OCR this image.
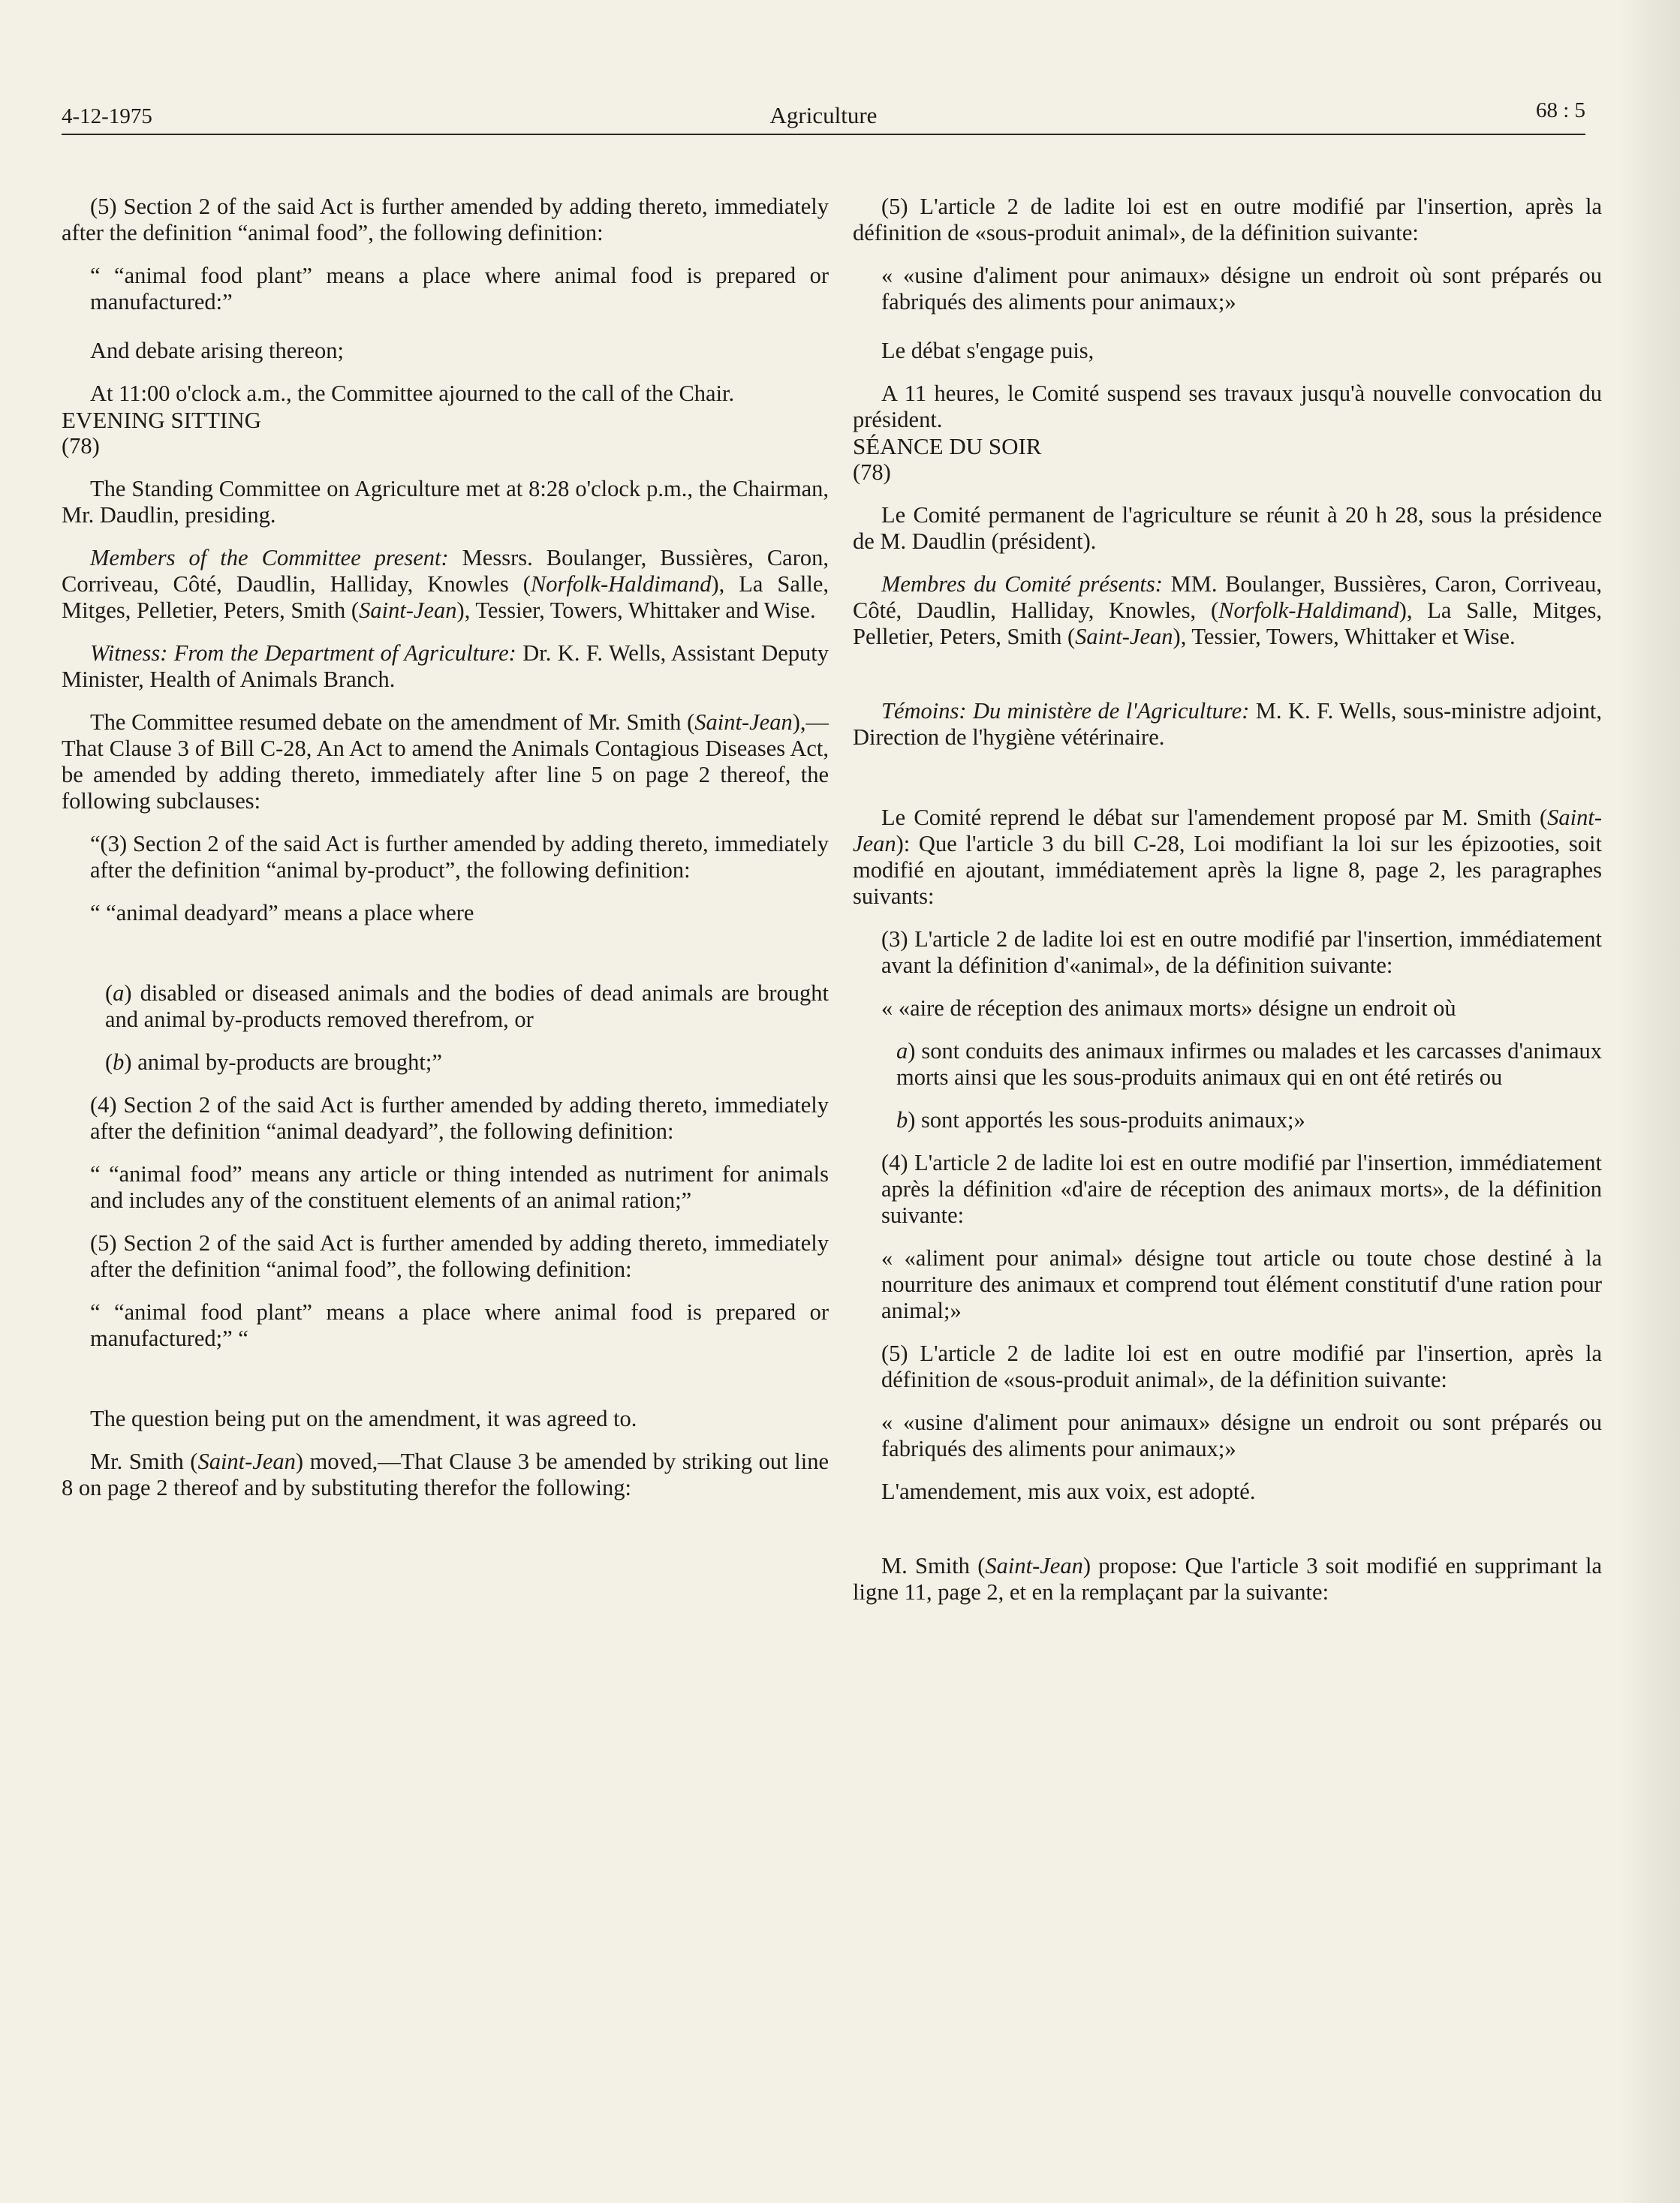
4-12-1975	Agriculture	68 : 5

(5) Section 2 of the said Act is further amended by adding thereto, immediately after the definition “animal food”, the following definition:

“ “animal food plant” means a place where animal food is prepared or manufactured:”

And debate arising thereon;

At 11:00 o'clock a.m., the Committee ajourned to the call of the Chair.

EVENING SITTING

(78)

The Standing Committee on Agriculture met at 8:28 o'clock p.m., the Chairman, Mr. Daudlin, presiding.

Members of the Committee present: Messrs. Boulanger, Bussières, Caron, Corriveau, Côté, Daudlin, Halliday, Knowles (Norfolk-Haldimand), La Salle, Mitges, Pelletier, Peters, Smith (Saint-Jean), Tessier, Towers, Whittaker and Wise.

Witness: From the Department of Agriculture: Dr. K. F. Wells, Assistant Deputy Minister, Health of Animals Branch.

The Committee resumed debate on the amendment of Mr. Smith (Saint-Jean),—That Clause 3 of Bill C-28, An Act to amend the Animals Contagious Diseases Act, be amended by adding thereto, immediately after line 5 on page 2 thereof, the following subclauses:

“(3) Section 2 of the said Act is further amended by adding thereto, immediately after the definition “animal by-product”, the following definition:

“ “animal deadyard” means a place where

(a) disabled or diseased animals and the bodies of dead animals are brought and animal by-products removed therefrom, or

(b) animal by-products are brought;”

(4) Section 2 of the said Act is further amended by adding thereto, immediately after the definition “animal deadyard”, the following definition:

“ “animal food” means any article or thing intended as nutriment for animals and includes any of the constituent elements of an animal ration;”

(5) Section 2 of the said Act is further amended by adding thereto, immediately after the definition “animal food”, the following definition:

“ “animal food plant” means a place where animal food is prepared or manufactured;” “

The question being put on the amendment, it was agreed to.

Mr. Smith (Saint-Jean) moved,—That Clause 3 be amended by striking out line 8 on page 2 thereof and by substituting therefor the following:

(5) L'article 2 de ladite loi est en outre modifié par l'insertion, après la définition de «sous-produit animal», de la définition suivante:

« «usine d'aliment pour animaux» désigne un endroit où sont préparés ou fabriqués des aliments pour animaux;»

Le débat s'engage puis,

A 11 heures, le Comité suspend ses travaux jusqu'à nouvelle convocation du président.

SÉANCE DU SOIR

(78)

Le Comité permanent de l'agriculture se réunit à 20 h 28, sous la présidence de M. Daudlin (président).

Membres du Comité présents: MM. Boulanger, Bussières, Caron, Corriveau, Côté, Daudlin, Halliday, Knowles, (Norfolk-Haldimand), La Salle, Mitges, Pelletier, Peters, Smith (Saint-Jean), Tessier, Towers, Whittaker et Wise.

Témoins: Du ministère de l'Agriculture: M. K. F. Wells, sous-ministre adjoint, Direction de l'hygiène vétérinaire.

Le Comité reprend le débat sur l'amendement proposé par M. Smith (Saint-Jean): Que l'article 3 du bill C-28, Loi modifiant la loi sur les épizooties, soit modifié en ajoutant, immédiatement après la ligne 8, page 2, les paragraphes suivants:

(3) L'article 2 de ladite loi est en outre modifié par l'insertion, immédiatement avant la définition d'«animal», de la définition suivante:

« «aire de réception des animaux morts» désigne un endroit où

a) sont conduits des animaux infirmes ou malades et les carcasses d'animaux morts ainsi que les sous-produits animaux qui en ont été retirés ou

b) sont apportés les sous-produits animaux;»

(4) L'article 2 de ladite loi est en outre modifié par l'insertion, immédiatement après la définition «d'aire de réception des animaux morts», de la définition suivante:

« «aliment pour animal» désigne tout article ou toute chose destiné à la nourriture des animaux et comprend tout élément constitutif d'une ration pour animal;»

(5) L'article 2 de ladite loi est en outre modifié par l'insertion, après la définition de «sous-produit animal», de la définition suivante:

« «usine d'aliment pour animaux» désigne un endroit ou sont préparés ou fabriqués des aliments pour animaux;»

L'amendement, mis aux voix, est adopté.

M. Smith (Saint-Jean) propose: Que l'article 3 soit modifié en supprimant la ligne 11, page 2, et en la remplaçant par la suivante:
